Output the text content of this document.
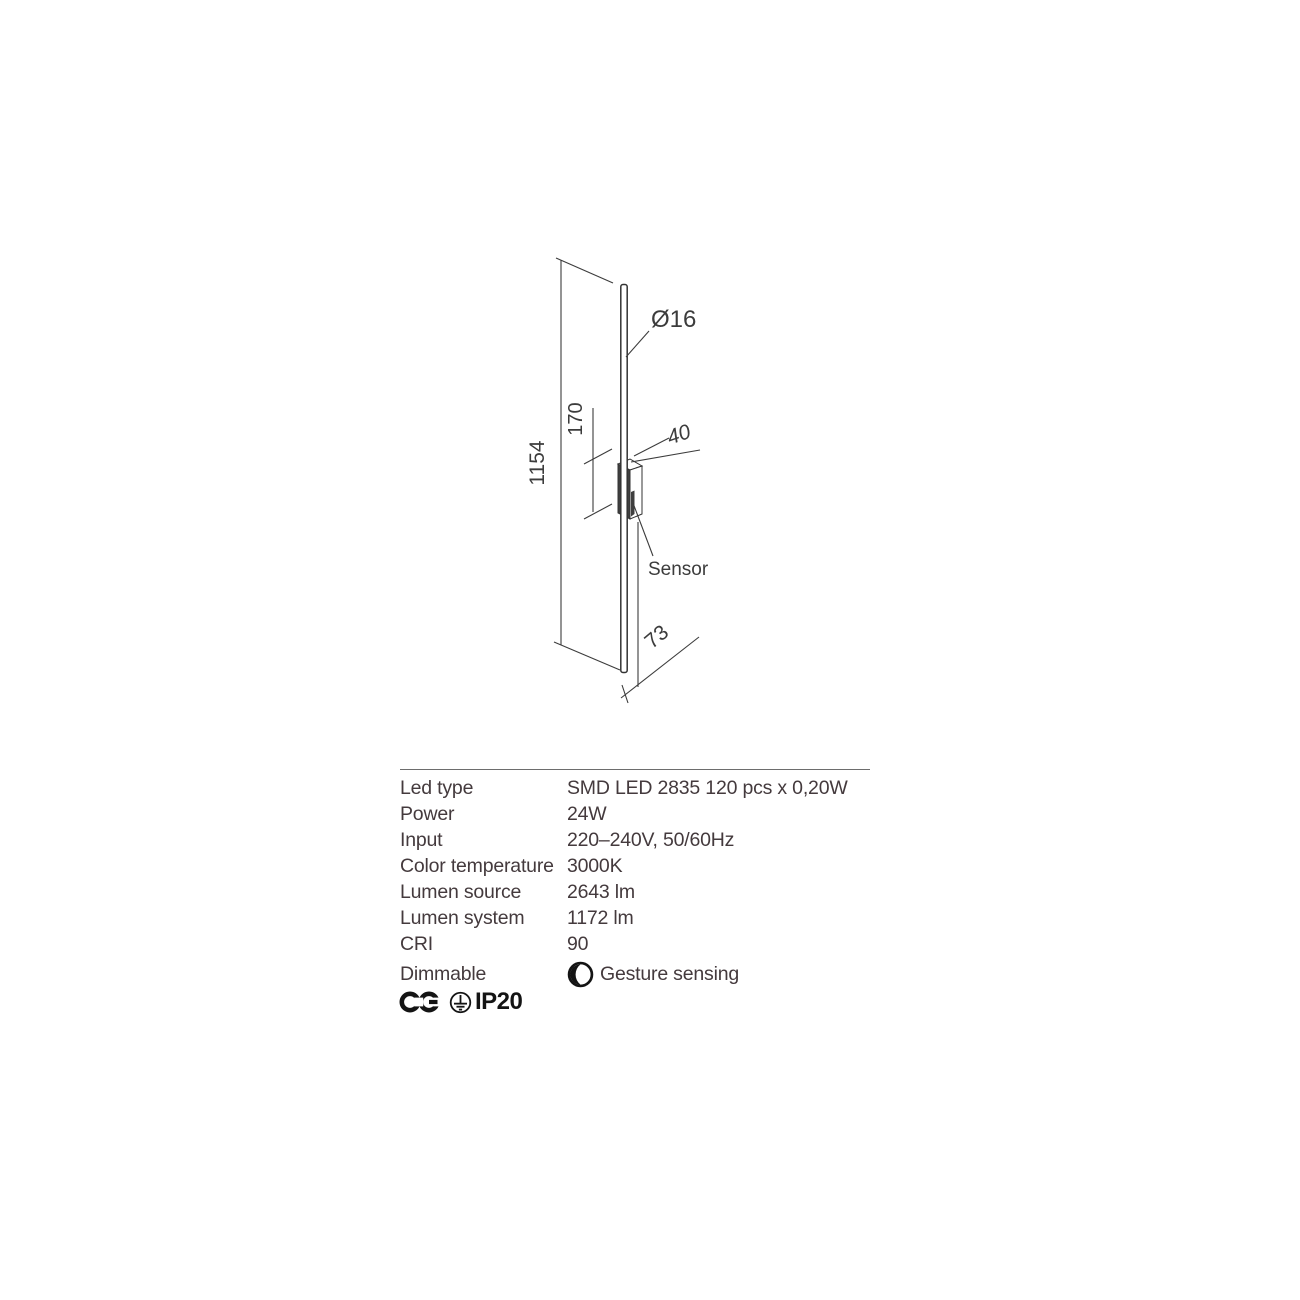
1154
Ø16
170	40
Sensor
73
Led type	SMD LED 2835 120 pcs x 0,20W
Power	24W
Input	220–240V, 50/60Hz
Color temperature 3000K
Lumen source	2643 lm
Lumen system	1172 lm
CRI	90
Dimmable	Gesture sensing
IP20
